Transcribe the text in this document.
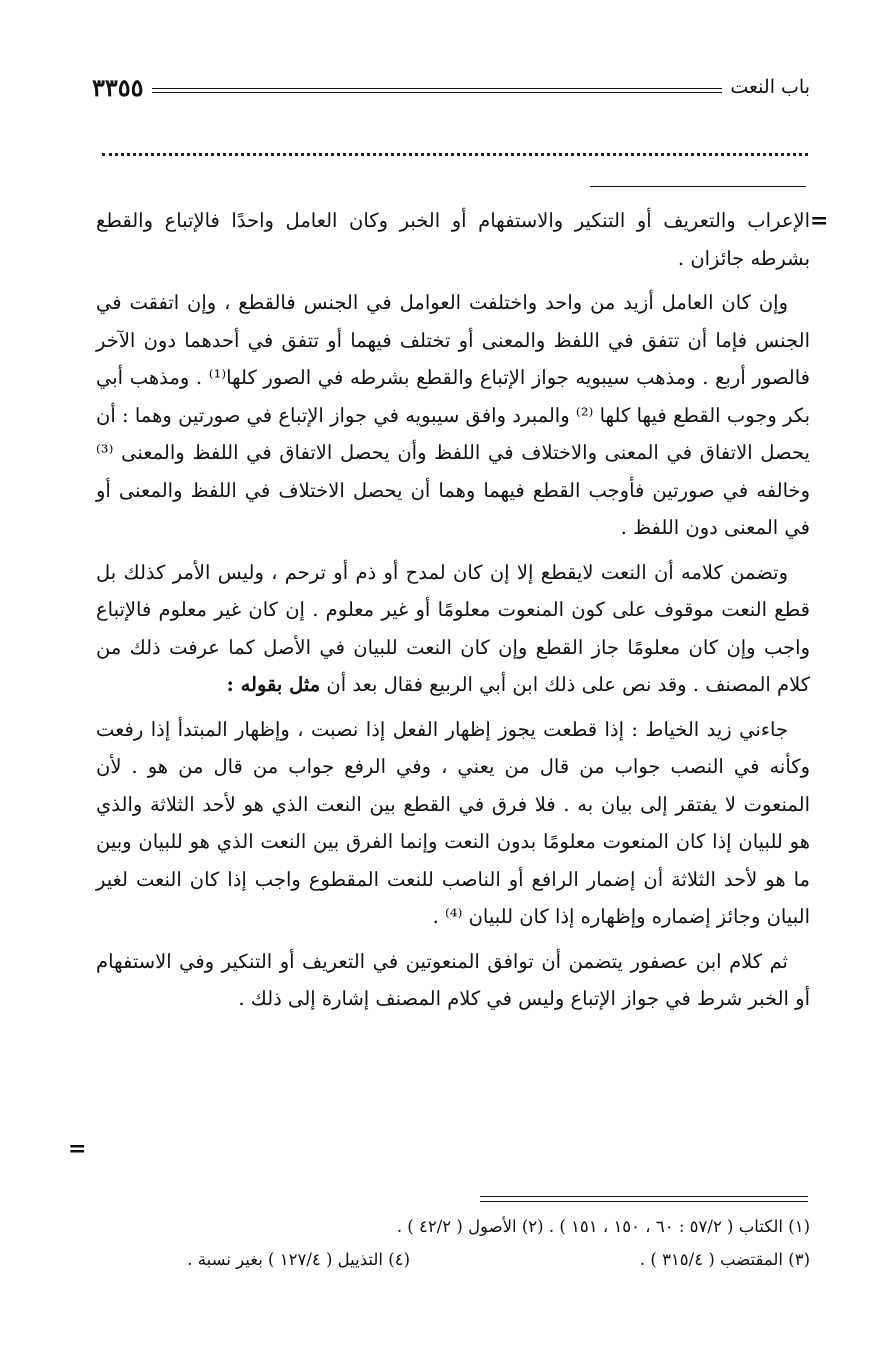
٣٣٥٥	باب النعت
=

الإعراب والتعريف أو التنكير والاستفهام أو الخبر وكان العامل واحدًا فالإتباع والقطع بشرطه جائزان .

وإن كان العامل أزيد من واحد واختلفت العوامل في الجنس فالقطع ، وإن اتفقت في الجنس فإما أن تتفق في اللفظ والمعنى أو تختلف فيهما أو تتفق في أحدهما دون الآخر فالصور أربع . ومذهب سيبويه جواز الإتباع والقطع بشرطه في الصور كلها⁽¹⁾ . ومذهب أبي بكر وجوب القطع فيها كلها ⁽²⁾ والمبرد وافق سيبويه في جواز الإتباع في صورتين وهما : أن يحصل الاتفاق في المعنى والاختلاف في اللفظ وأن يحصل الاتفاق في اللفظ والمعنى ⁽³⁾ وخالفه في صورتين فأوجب القطع فيهما وهما أن يحصل الاختلاف في اللفظ والمعنى أو في المعنى دون اللفظ .

وتضمن كلامه أن النعت لايقطع إلا إن كان لمدح أو ذم أو ترحم ، وليس الأمر كذلك بل قطع النعت موقوف على كون المنعوت معلومًا أو غير معلوم . إن كان غير معلوم فالإتباع واجب وإن كان معلومًا جاز القطع وإن كان النعت للبيان في الأصل كما عرفت ذلك من كلام المصنف . وقد نص على ذلك ابن أبي الربيع فقال بعد أن مثل بقوله :

جاءني زيد الخياط : إذا قطعت يجوز إظهار الفعل إذا نصبت ، وإظهار المبتدأ إذا رفعت وكأنه في النصب جواب من قال من يعني ، وفي الرفع جواب من قال من هو . لأن المنعوت لا يفتقر إلى بيان به . فلا فرق في القطع بين النعت الذي هو لأحد الثلاثة والذي هو للبيان إذا كان المنعوت معلومًا بدون النعت وإنما الفرق بين النعت الذي هو للبيان وبين ما هو لأحد الثلاثة أن إضمار الرافع أو الناصب للنعت المقطوع واجب إذا كان النعت لغير البيان وجائز إضماره وإظهاره إذا كان للبيان ⁽⁴⁾ .

ثم كلام ابن عصفور يتضمن أن توافق المنعوتين في التعريف أو التنكير وفي الاستفهام أو الخبر شرط في جواز الإتباع وليس في كلام المصنف إشارة إلى ذلك .

=
(١) الكتاب ( ٥٧/٢ : ٦٠ ، ١٥٠ ، ١٥١ ) . (٢) الأصول ( ٤٢/٢ ) .
(٣) المقتضب ( ٣١٥/٤ ) .
(٤) التذييل ( ١٢٧/٤ ) بغير نسبة .
